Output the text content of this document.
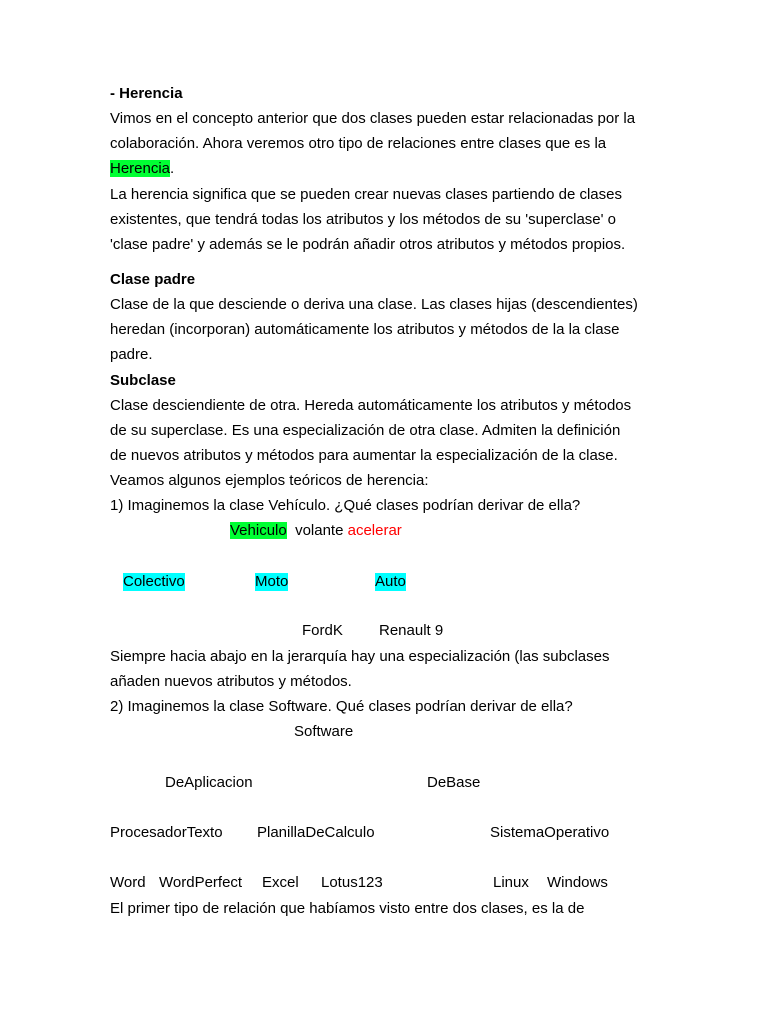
- Herencia
Vimos en el concepto anterior que dos clases pueden estar relacionadas por la
colaboración. Ahora veremos otro tipo de relaciones entre clases que es la
Herencia.
La herencia significa que se pueden crear nuevas clases partiendo de clases
existentes, que tendrá todas los atributos y los métodos de su 'superclase' o
'clase padre' y además se le podrán añadir otros atributos y métodos propios.
Clase padre
Clase de la que desciende o deriva una clase. Las clases hijas (descendientes)
heredan (incorporan) automáticamente los atributos y métodos de la la clase
padre.
Subclase
Clase desciendiente de otra. Hereda automáticamente los atributos y métodos
de su superclase. Es una especialización de otra clase. Admiten la definición
de nuevos atributos y métodos para aumentar la especialización de la clase.
Veamos algunos ejemplos teóricos de herencia:
1) Imaginemos la clase Vehículo. ¿Qué clases podrían derivar de ella?
Vehiculo volante acelerar
Colectivo	Moto	Auto
FordK Renault 9
Siempre hacia abajo en la jerarquía hay una especialización (las subclases
añaden nuevos atributos y métodos.
2) Imaginemos la clase Software. Qué clases podrían derivar de ella?
Software
DeAplicacion	DeBase
ProcesadorTexto PlanillaDeCalculo	SistemaOperativo
Word WordPerfect Excel Lotus123	Linux Windows
El primer tipo de relación que habíamos visto entre dos clases, es la de
